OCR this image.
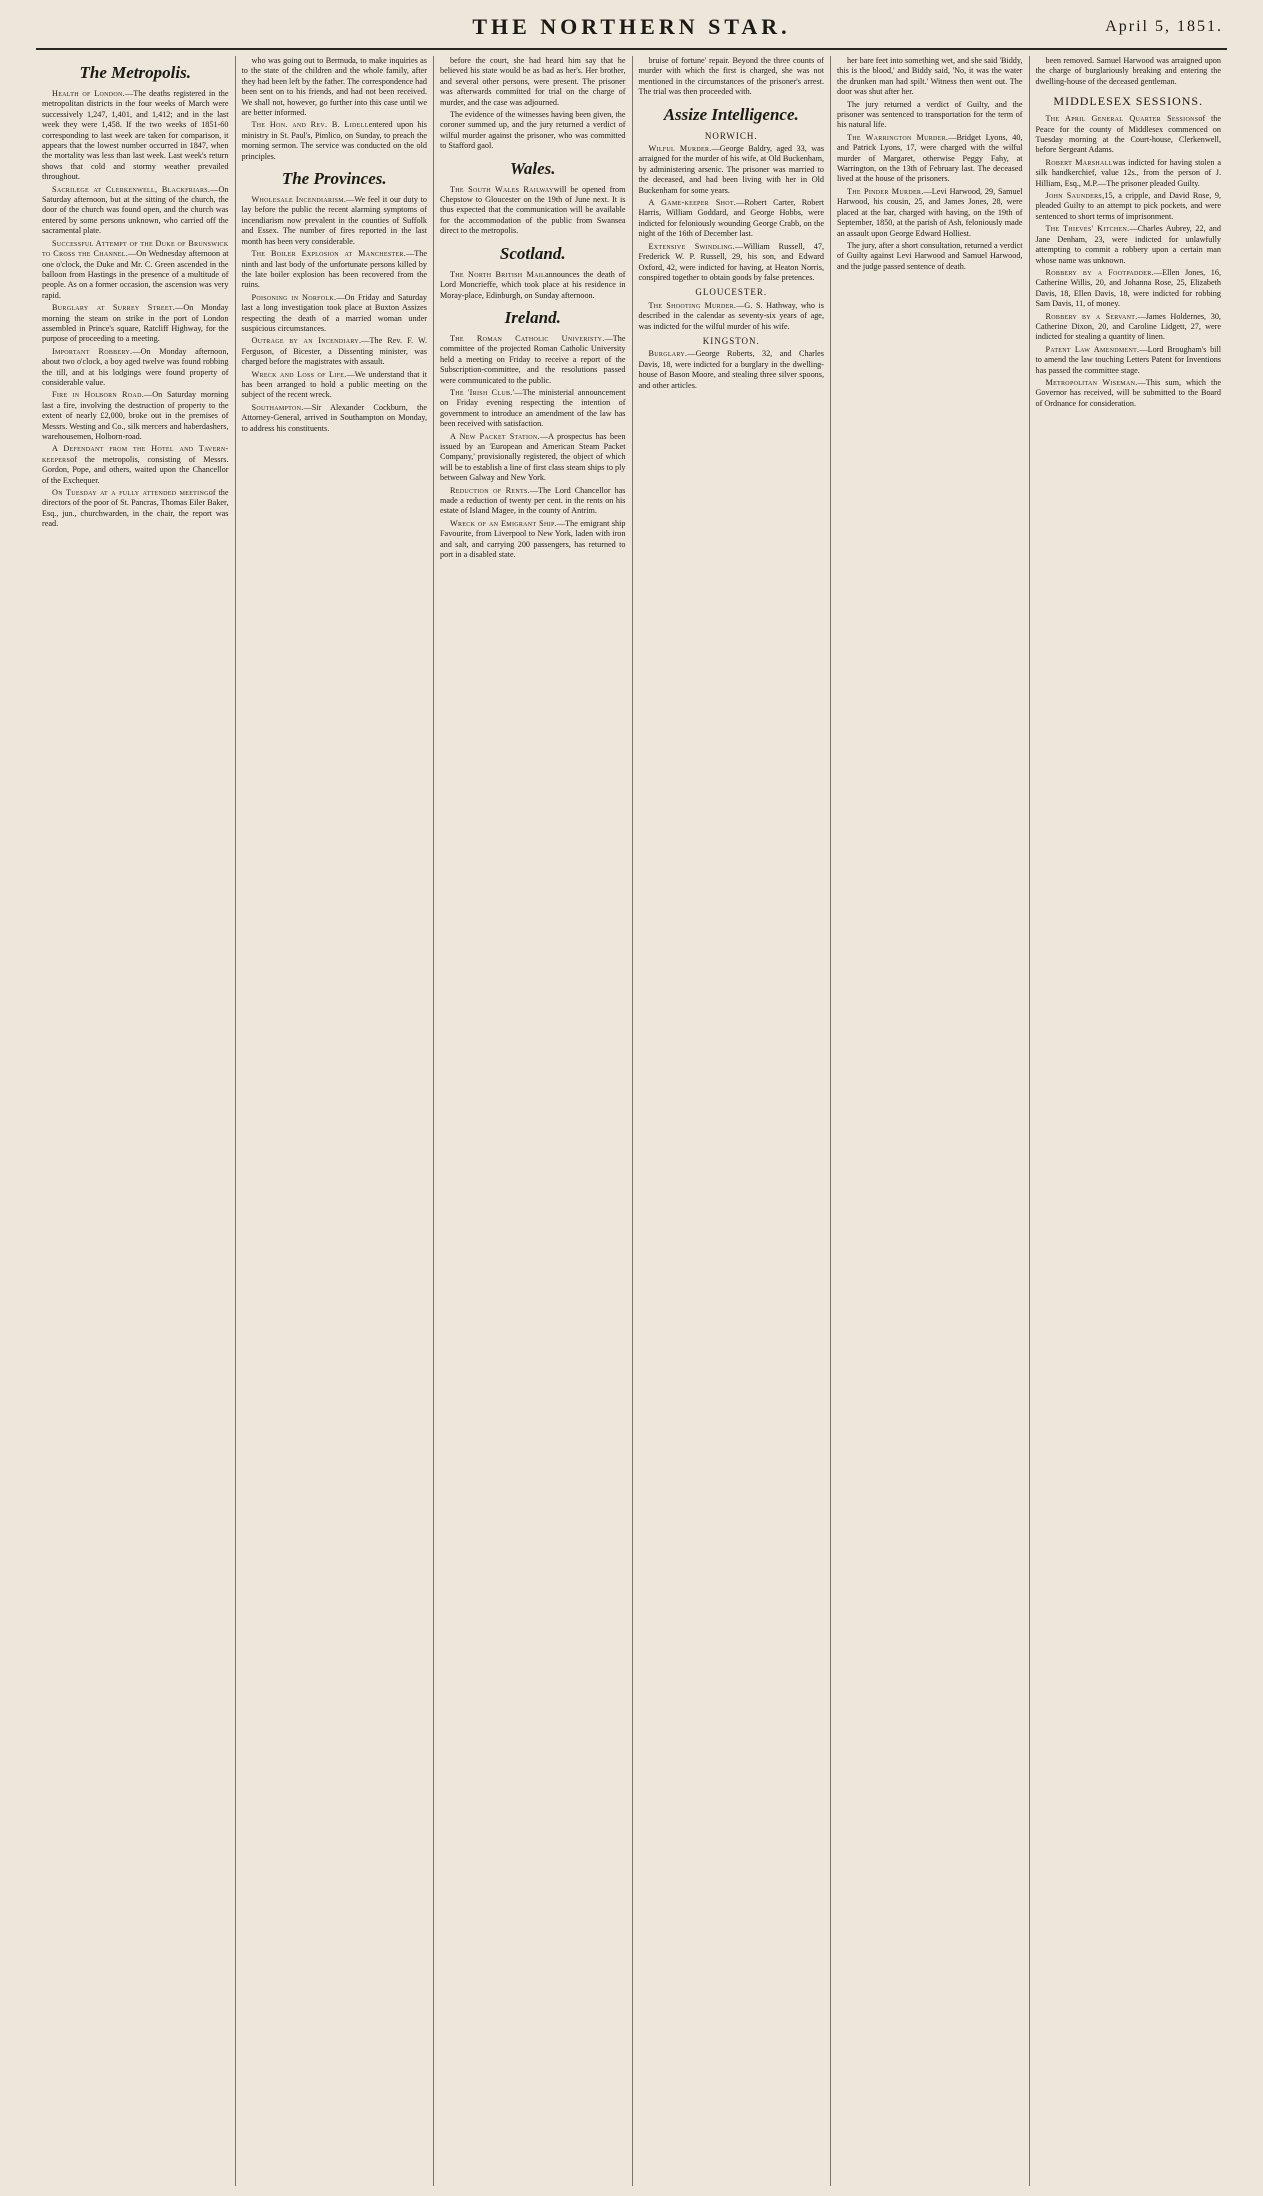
THE NORTHERN STAR.	April 5, 1851.
The Metropolis.
Health of London.—The deaths registered in the metropolitan districts in the four weeks of March were successively 1,247, 1,401, and 1,412; and in the last week they were 1,458. If the two weeks of 1851-60 corresponding to last week are taken for comparison, it appears that the lowest number occurred in 1847, when the mortality was less than last week. Last week's return shows that cold and stormy weather prevailed throughout.
Sacrilege at Clerkenwell, Blackfriars.—On Saturday afternoon, but at the sitting of the church, the door of the church was found open, and the church was entered by some persons unknown, who carried off the sacramental plate.
Successful Attempt of the Duke of Brunswick to Cross the Channel.—On Wednesday afternoon at one o'clock, the Duke and Mr. C. Green ascended in the balloon from Hastings in the presence of a multitude of people. As on a former occasion, the ascension was very rapid.
Burglary at Surrey Street.—On Monday morning the steam on strike in the port of London assembled in Prince's square, Ratcliff Highway, for the purpose of proceeding to a meeting.
Important Robbery.—On Monday afternoon, about two o'clock, a boy aged twelve was found robbing the till, and at his lodgings were found property of considerable value.
Fire in Holborn Road.—On Saturday morning last a fire, involving the destruction of property to the extent of nearly £2,000, broke out in the premises of Messrs. Westing and Co., silk mercers and haberdashers, warehousemen, Holborn-road.
A Defendant from the Hotel and Tavern-keepersof the metropolis, consisting of Messrs. Gordon, Pope, and others, waited upon the Chancellor of the Exchequer.
On Tuesday at a fully attended meetingof the directors of the poor of St. Pancras, Thomas Eiler Baker, Esq., jun., churchwarden, in the chair, the report was read.
who was going out to Bermuda, to make inquiries as to the state of the children and the whole family, after they had been left by the father. The correspondence had been sent on to his friends, and had not been received. We shall not, however, go further into this case until we are better informed.
The Hon. and Rev. B. Lidellentered upon his ministry in St. Paul's, Pimlico, on Sunday, to preach the morning sermon. The service was conducted on the old principles.
The Provinces.
Wholesale Incendiarism.—We feel it our duty to lay before the public the recent alarming symptoms of incendiarism now prevalent in the counties of Suffolk and Essex. The number of fires reported in the last month has been very considerable.
The Boiler Explosion at Manchester.—The ninth and last body of the unfortunate persons killed by the late boiler explosion has been recovered from the ruins.
Poisoning in Norfolk.—On Friday and Saturday last a long investigation took place at Buxton Assizes respecting the death of a married woman under suspicious circumstances.
Outrage by an Incendiary.—The Rev. F. W. Ferguson, of Bicester, a Dissenting minister, was charged before the magistrates with assault.
Wreck and Loss of Life.—We understand that it has been arranged to hold a public meeting on the subject of the recent wreck.
Southampton.—Sir Alexander Cockburn, the Attorney-General, arrived in Southampton on Monday, to address his constituents.
before the court, she had heard him say that he believed his state would be as bad as her's. Her brother, and several other persons, were present. The prisoner was afterwards committed for trial on the charge of murder, and the case was adjourned.
The evidence of the witnesses having been given, the coroner summed up, and the jury returned a verdict of wilful murder against the prisoner, who was committed to Stafford gaol.
Wales.
The South Wales Railwaywill be opened from Chepstow to Gloucester on the 19th of June next. It is thus expected that the communication will be available for the accommodation of the public from Swansea direct to the metropolis.
Scotland.
The North British Mailannounces the death of Lord Moncrieffe, which took place at his residence in Moray-place, Edinburgh, on Sunday afternoon.
Ireland.
The Roman Catholic Univeristy.—The committee of the projected Roman Catholic University held a meeting on Friday to receive a report of the Subscription-committee, and the resolutions passed were communicated to the public.
The 'Irish Club.'—The ministerial announcement on Friday evening respecting the intention of government to introduce an amendment of the law has been received with satisfaction.
A New Packet Station.—A prospectus has been issued by an 'European and American Steam Packet Company,' provisionally registered, the object of which will be to establish a line of first class steam ships to ply between Galway and New York.
Reduction of Rents.—The Lord Chancellor has made a reduction of twenty per cent. in the rents on his estate of Island Magee, in the county of Antrim.
Wreck of an Emigrant Ship.—The emigrant ship Favourite, from Liverpool to New York, laden with iron and salt, and carrying 200 passengers, has returned to port in a disabled state.
bruise of fortune' repair. Beyond the three counts of murder with which the first is charged, she was not mentioned in the circumstances of the prisoner's arrest. The trial was then proceeded with.
Assize Intelligence.
NORWICH.
Wilful Murder.—George Baldry, aged 33, was arraigned for the murder of his wife, at Old Buckenham, by administering arsenic. The prisoner was married to the deceased, and had been living with her in Old Buckenham for some years.
A Game-keeper Shot.—Robert Carter, Robert Harris, William Goddard, and George Hobbs, were indicted for feloniously wounding George Crabb, on the night of the 16th of December last.
Extensive Swindling.—William Russell, 47, Frederick W. P. Russell, 29, his son, and Edward Oxford, 42, were indicted for having, at Heaton Norris, conspired together to obtain goods by false pretences.
GLOUCESTER.
The Shooting Murder.—G. S. Hathway, who is described in the calendar as seventy-six years of age, was indicted for the wilful murder of his wife.
KINGSTON.
Burglary.—George Roberts, 32, and Charles Davis, 18, were indicted for a burglary in the dwelling-house of Bason Moore, and stealing three silver spoons, and other articles.
her bare feet into something wet, and she said 'Biddy, this is the blood,' and Biddy said, 'No, it was the water the drunken man had spilt.' Witness then went out. The door was shut after her.
The jury returned a verdict of Guilty, and the prisoner was sentenced to transportation for the term of his natural life.
The Warrington Murder.—Bridget Lyons, 40, and Patrick Lyons, 17, were charged with the wilful murder of Margaret, otherwise Peggy Fahy, at Warrington, on the 13th of February last. The deceased lived at the house of the prisoners.
The Pinder Murder.—Levi Harwood, 29, Samuel Harwood, his cousin, 25, and James Jones, 28, were placed at the bar, charged with having, on the 19th of September, 1850, at the parish of Ash, feloniously made an assault upon George Edward Holliest.
The jury, after a short consultation, returned a verdict of Guilty against Levi Harwood and Samuel Harwood, and the judge passed sentence of death.
been removed. Samuel Harwood was arraigned upon the charge of burglariously breaking and entering the dwelling-house of the deceased gentleman.
MIDDLESEX SESSIONS.
The April General Quarter Sessionsof the Peace for the county of Middlesex commenced on Tuesday morning at the Court-house, Clerkenwell, before Sergeant Adams.
Robert Marshallwas indicted for having stolen a silk handkerchief, value 12s., from the person of J. Hilliam, Esq., M.P.—The prisoner pleaded Guilty.
John Saunders,15, a cripple, and David Rose, 9, pleaded Guilty to an attempt to pick pockets, and were sentenced to short terms of imprisonment.
The Thieves' Kitchen.—Charles Aubrey, 22, and Jane Denham, 23, were indicted for unlawfully attempting to commit a robbery upon a certain man whose name was unknown.
Robbery by a Footpadder.—Ellen Jones, 16, Catherine Willis, 20, and Johanna Rose, 25, Elizabeth Davis, 18, Ellen Davis, 18, were indicted for robbing Sam Davis, 11, of money.
Robbery by a Servant.—James Holdernes, 30, Catherine Dixon, 20, and Caroline Lidgett, 27, were indicted for stealing a quantity of linen.
Patent Law Amendment.—Lord Brougham's bill to amend the law touching Letters Patent for Inventions has passed the committee stage.
Metropolitan Wiseman.—This sum, which the Governor has received, will be submitted to the Board of Ordnance for consideration.
